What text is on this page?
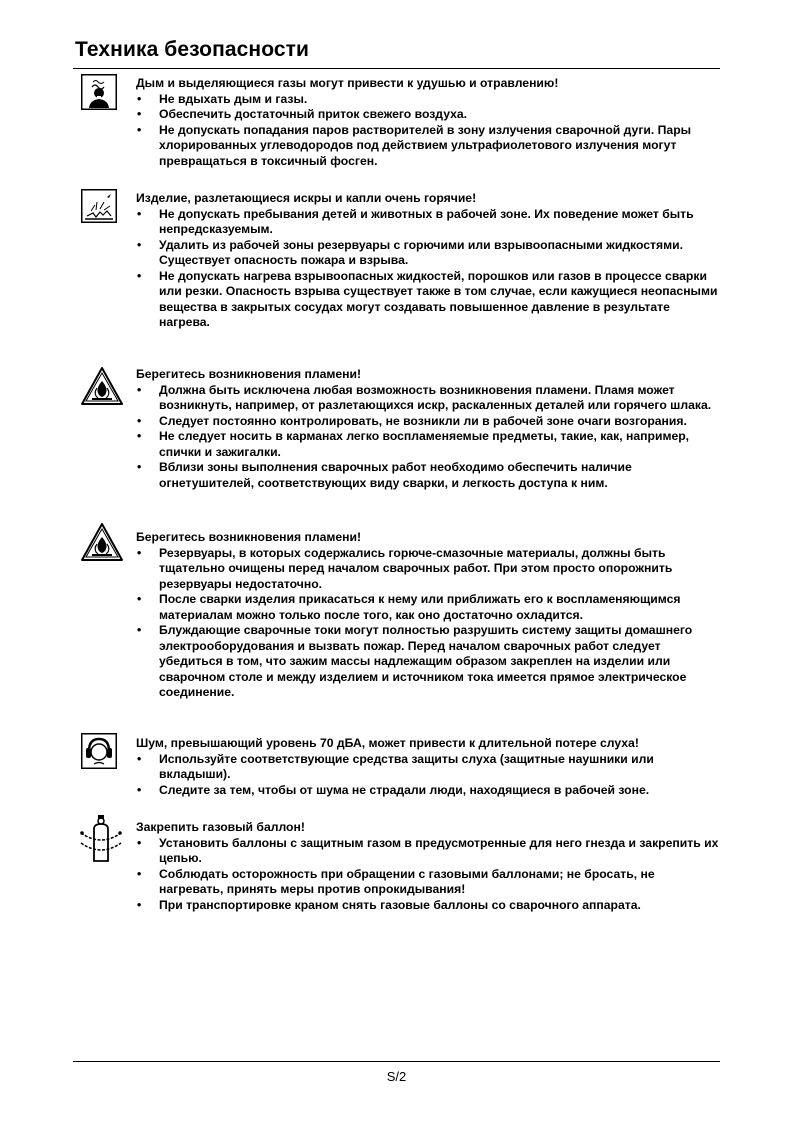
Техника безопасности

Дым и выделяющиеся газы могут привести к удушью и отравлению!

• Не вдыхать дым и газы.
• Обеспечить достаточный приток свежего воздуха.
• Не допускать попадания паров растворителей в зону излучения сварочной дуги. Пары хлорированных углеводородов под действием ультрафиолетового излучения могут превращаться в токсичный фосген.

Изделие, разлетающиеся искры и капли очень горячие!

• Не допускать пребывания детей и животных в рабочей зоне. Их поведение может быть непредсказуемым.
• Удалить из рабочей зоны резервуары с горючими или взрывоопасными жидкостями.

Существует опасность пожара и взрыва.

• Не допускать нагрева взрывоопасных жидкостей, порошков или газов в процессе сварки или резки. Опасность взрыва существует также в том случае, если кажущиеся неопасными вещества в закрытых сосудах могут создавать повышенное давление в результате нагрева.

Берегитесь возникновения пламени!

• Должна быть исключена любая возможность возникновения пламени. Пламя может возникнуть, например, от разлетающихся искр, раскаленных деталей или горячего шлака.
• Следует постоянно контролировать, не возникли ли в рабочей зоне очаги возгорания.
• Не следует носить в карманах легко воспламеняемые предметы, такие, как, например, спички и зажигалки.
• Вблизи зоны выполнения сварочных работ необходимо обеспечить наличие огнетушителей, соответствующих виду сварки, и легкость доступа к ним.

Берегитесь возникновения пламени!

• Резервуары, в которых содержались горюче-смазочные материалы, должны быть тщательно очищены перед началом сварочных работ. При этом просто опорожнить резервуары недостаточно.
• После сварки изделия прикасаться к нему или приближать его к воспламеняющимся материалам можно только после того, как оно достаточно охладится.
• Блуждающие сварочные токи могут полностью разрушить систему защиты домашнего электрооборудования и вызвать пожар. Перед началом сварочных работ следует убедиться в том, что зажим массы надлежащим образом закреплен на изделии или сварочном столе и между изделием и источником тока имеется прямое электрическое соединение.

Шум, превышающий уровень 70 дБА, может привести к длительной потере слуха!

• Используйте соответствующие средства защиты слуха (защитные наушники или вкладыши).
• Следите за тем, чтобы от шума не страдали люди, находящиеся в рабочей зоне.

Закрепить газовый баллон!

• Установить баллоны с защитным газом в предусмотренные для него гнезда и закрепить их цепью.
• Соблюдать осторожность при обращении с газовыми баллонами; не бросать, не нагревать, принять меры против опрокидывания!
• При транспортировке краном снять газовые баллоны со сварочного аппарата.
S/2
